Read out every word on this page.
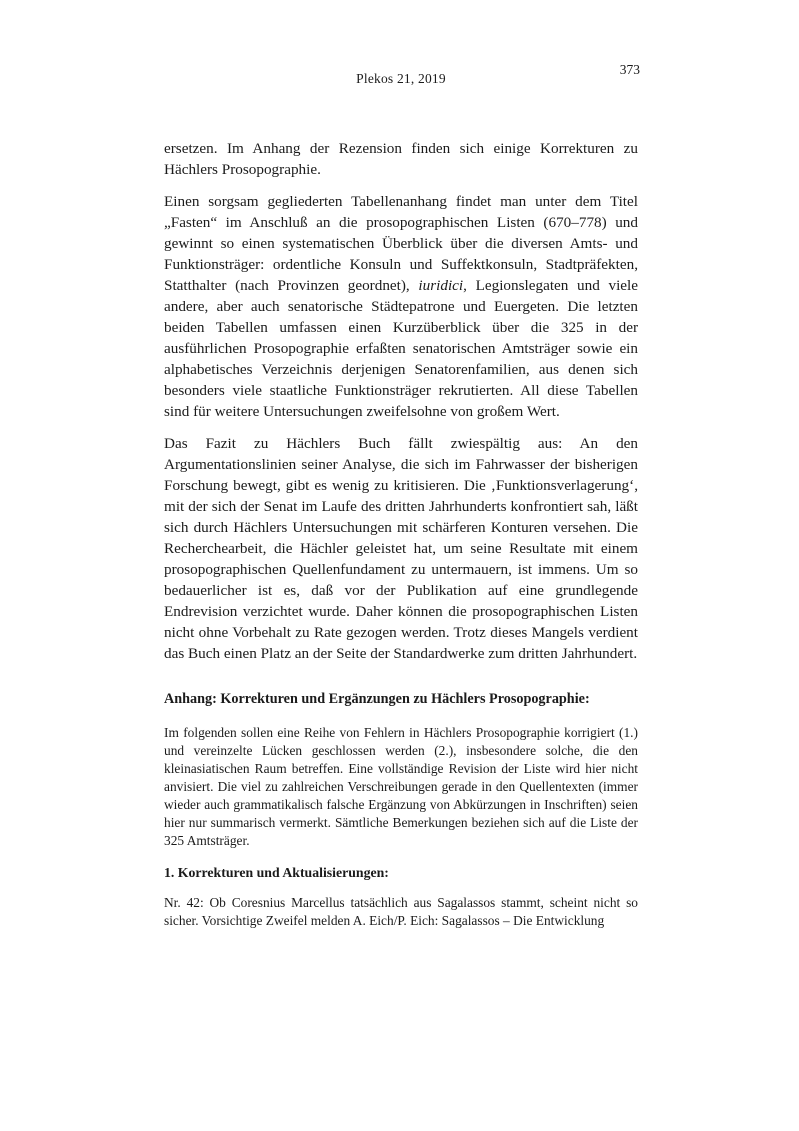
Plekos 21, 2019
373

ersetzen. Im Anhang der Rezension finden sich einige Korrekturen zu Hächlers Prosopographie.

Einen sorgsam gegliederten Tabellenanhang findet man unter dem Titel „Fasten“ im Anschluß an die prosopographischen Listen (670–778) und gewinnt so einen systematischen Überblick über die diversen Amts- und Funktionsträger: ordentliche Konsuln und Suffektkonsuln, Stadtpräfekten, Statthalter (nach Provinzen geordnet), iuridici, Legionslegaten und viele andere, aber auch senatorische Städtepatrone und Euergeten. Die letzten beiden Tabellen umfassen einen Kurzüberblick über die 325 in der ausführlichen Prosopographie erfaßten senatorischen Amtsträger sowie ein alphabetisches Verzeichnis derjenigen Senatorenfamilien, aus denen sich besonders viele staatliche Funktionsträger rekrutierten. All diese Tabellen sind für weitere Untersuchungen zweifelsohne von großem Wert.

Das Fazit zu Hächlers Buch fällt zwiespältig aus: An den Argumentationslinien seiner Analyse, die sich im Fahrwasser der bisherigen Forschung bewegt, gibt es wenig zu kritisieren. Die ‚Funktionsverlagerung‘, mit der sich der Senat im Laufe des dritten Jahrhunderts konfrontiert sah, läßt sich durch Hächlers Untersuchungen mit schärferen Konturen versehen. Die Recherchearbeit, die Hächler geleistet hat, um seine Resultate mit einem prosopographischen Quellenfundament zu untermauern, ist immens. Um so bedauerlicher ist es, daß vor der Publikation auf eine grundlegende Endrevision verzichtet wurde. Daher können die prosopographischen Listen nicht ohne Vorbehalt zu Rate gezogen werden. Trotz dieses Mangels verdient das Buch einen Platz an der Seite der Standardwerke zum dritten Jahrhundert.

Anhang: Korrekturen und Ergänzungen zu Hächlers Prosopographie:

Im folgenden sollen eine Reihe von Fehlern in Hächlers Prosopographie korrigiert (1.) und vereinzelte Lücken geschlossen werden (2.), insbesondere solche, die den kleinasiatischen Raum betreffen. Eine vollständige Revision der Liste wird hier nicht anvisiert. Die viel zu zahlreichen Verschreibungen gerade in den Quellentexten (immer wieder auch grammatikalisch falsche Ergänzung von Abkürzungen in Inschriften) seien hier nur summarisch vermerkt. Sämtliche Bemerkungen beziehen sich auf die Liste der 325 Amtsträger.

1. Korrekturen und Aktualisierungen:

Nr. 42: Ob Coresnius Marcellus tatsächlich aus Sagalassos stammt, scheint nicht so sicher. Vorsichtige Zweifel melden A. Eich/P. Eich: Sagalassos – Die Entwicklung
